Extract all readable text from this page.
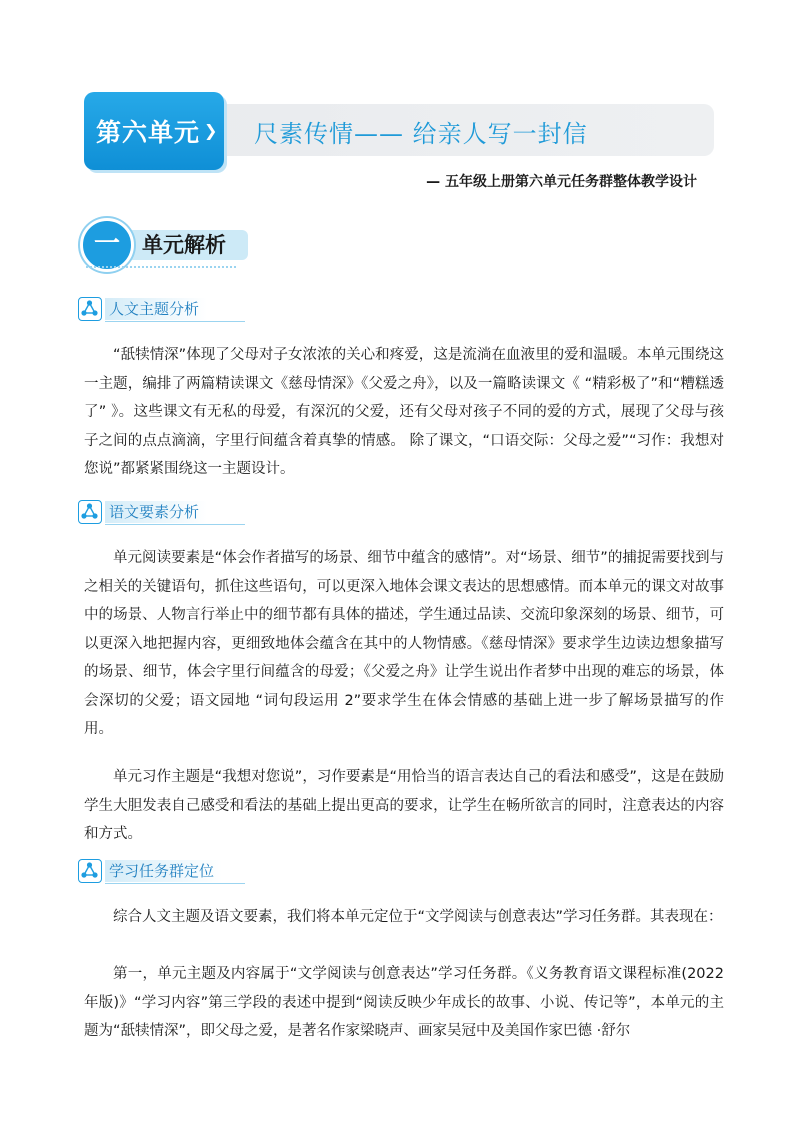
第六单元 ❯ 尺素传情—— 给亲人写一封信
— 五年级上册第六单元任务群整体教学设计
一	单元解析
人文主题分析

“舐犊情深”体现了父母对子女浓浓的关心和疼爱，这是流淌在血液里的爱和温暖。本单元围绕这一主题，编排了两篇精读课文《慈母情深》《父爱之舟》，以及一篇略读课文《 “精彩极了”和“糟糕透了” 》。这些课文有无私的母爱，有深沉的父爱，还有父母对孩子不同的爱的方式，展现了父母与孩子之间的点点滴滴，字里行间蕴含着真挚的情感。 除了课文，“口语交际：父母之爱”“习作：我想对您说”都紧紧围绕这一主题设计。

语文要素分析

单元阅读要素是“体会作者描写的场景、细节中蕴含的感情”。对“场景、细节”的捕捉需要找到与之相关的关键语句，抓住这些语句，可以更深入地体会课文表达的思想感情。而本单元的课文对故事中的场景、人物言行举止中的细节都有具体的描述，学生通过品读、交流印象深刻的场景、细节，可以更深入地把握内容，更细致地体会蕴含在其中的人物情感。《慈母情深》要求学生边读边想象描写的场景、细节，体会字里行间蕴含的母爱；《父爱之舟》让学生说出作者梦中出现的难忘的场景，体会深切的父爱；语文园地 “词句段运用 2”要求学生在体会情感的基础上进一步了解场景描写的作用。

单元习作主题是“我想对您说”，习作要素是“用恰当的语言表达自己的看法和感受”，这是在鼓励学生大胆发表自己感受和看法的基础上提出更高的要求，让学生在畅所欲言的同时，注意表达的内容和方式。

学习任务群定位

综合人文主题及语文要素，我们将本单元定位于“文学阅读与创意表达”学习任务群。其表现在：

第一，单元主题及内容属于“文学阅读与创意表达”学习任务群。《义务教育语文课程标准(2022年版)》“学习内容”第三学段的表述中提到“阅读反映少年成长的故事、小说、传记等”，本单元的主题为“舐犊情深”，即父母之爱，是著名作家梁晓声、画家吴冠中及美国作家巴德 ·舒尔
